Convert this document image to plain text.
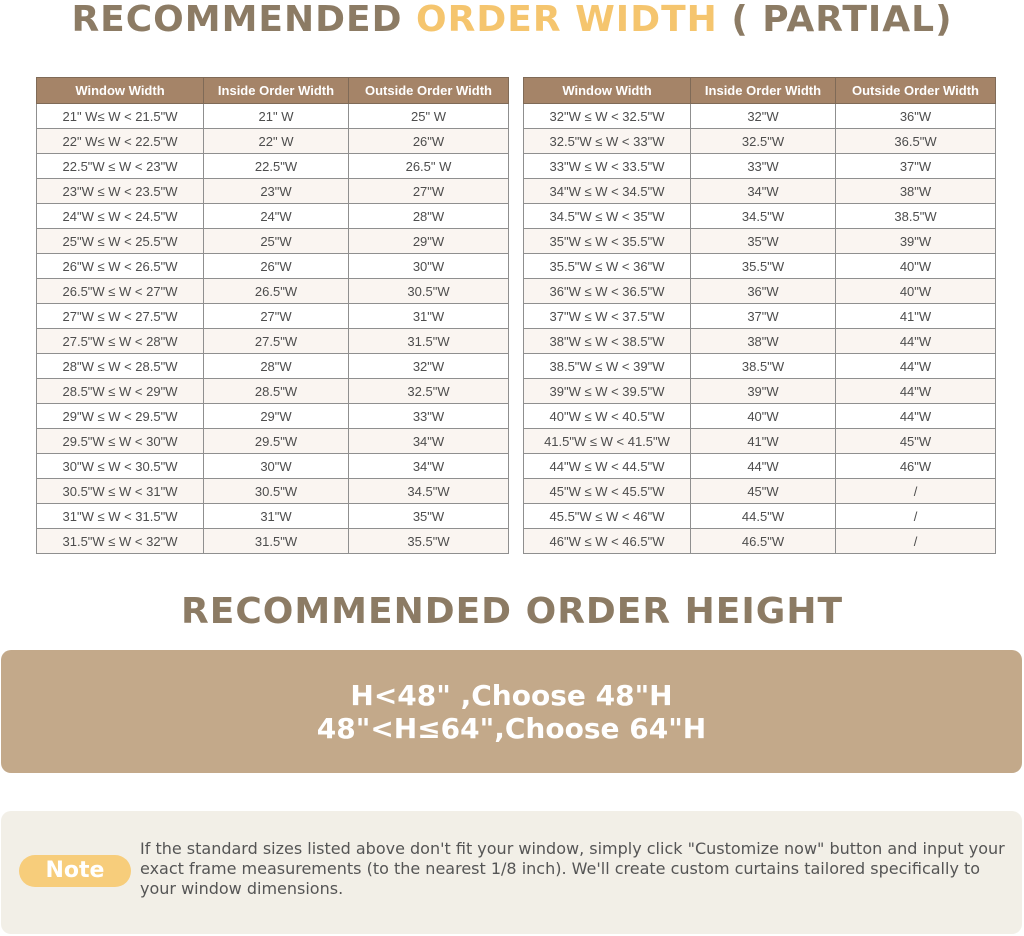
RECOMMENDED ORDER WIDTH ( PARTIAL)
Window Width	Inside Order Width	Outside Order Width
21" W≤ W < 21.5"W	21" W	25" W
22" W≤ W < 22.5"W	22" W	26"W
22.5"W ≤ W < 23"W	22.5"W	26.5" W
23"W ≤ W < 23.5"W	23"W	27"W
24"W ≤ W < 24.5"W	24"W	28"W
25"W ≤ W < 25.5"W	25"W	29"W
26"W ≤ W < 26.5"W	26"W	30"W
26.5"W ≤ W < 27"W	26.5"W	30.5"W
27"W ≤ W < 27.5"W	27"W	31"W
27.5"W ≤ W < 28"W	27.5"W	31.5"W
28"W ≤ W < 28.5"W	28"W	32"W
28.5"W ≤ W < 29"W	28.5"W	32.5"W
29"W ≤ W < 29.5"W	29"W	33"W
29.5"W ≤ W < 30"W	29.5"W	34"W
30"W ≤ W < 30.5"W	30"W	34"W
30.5"W ≤ W < 31"W	30.5"W	34.5"W
31"W ≤ W < 31.5"W	31"W	35"W
31.5"W ≤ W < 32"W	31.5"W	35.5"W
Window Width	Inside Order Width	Outside Order Width
32"W ≤ W < 32.5"W	32"W	36"W
32.5"W ≤ W < 33"W	32.5"W	36.5"W
33"W ≤ W < 33.5"W	33"W	37"W
34"W ≤ W < 34.5"W	34"W	38"W
34.5"W ≤ W < 35"W	34.5"W	38.5"W
35"W ≤ W < 35.5"W	35"W	39"W
35.5"W ≤ W < 36"W	35.5"W	40"W
36"W ≤ W < 36.5"W	36"W	40"W
37"W ≤ W < 37.5"W	37"W	41"W
38"W ≤ W < 38.5"W	38"W	44"W
38.5"W ≤ W < 39"W	38.5"W	44"W
39"W ≤ W < 39.5"W	39"W	44"W
40"W ≤ W < 40.5"W	40"W	44"W
41.5"W ≤ W < 41.5"W	41"W	45"W
44"W ≤ W < 44.5"W	44"W	46"W
45"W ≤ W < 45.5"W	45"W	/
45.5"W ≤ W < 46"W	44.5"W	/
46"W ≤ W < 46.5"W	46.5"W	/
RECOMMENDED ORDER HEIGHT
H<48" ,Choose 48"H
48"<H≤64",Choose 64"H
Note
If the standard sizes listed above don't fit your window, simply click "Customize now" button and input your exact frame measurements (to the nearest 1/8 inch). We'll create custom curtains tailored specifically to your window dimensions.
